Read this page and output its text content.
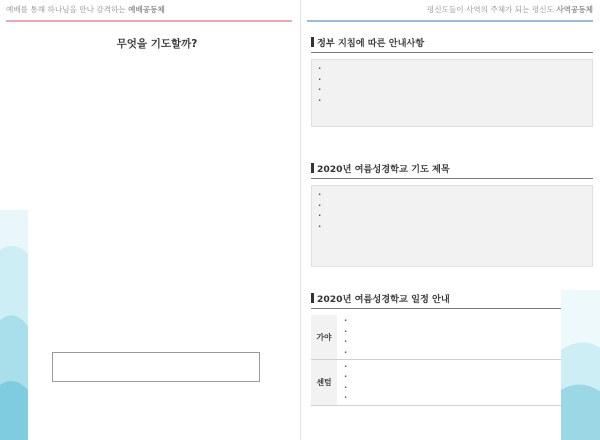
예배를 통해 하나님을 만나 감격하는 예배공동체
무엇을 기도할까?

평신도들이 사역의 주체가 되는 평신도 사역공동체
정부 지침에 따른 안내사항
•
•
•
•
2020년 여름성경학교 기도 제목
•
•
•
•
2020년 여름성경학교 일정 안내
가야	•
•
•
•

센텀	•
•
•
•
